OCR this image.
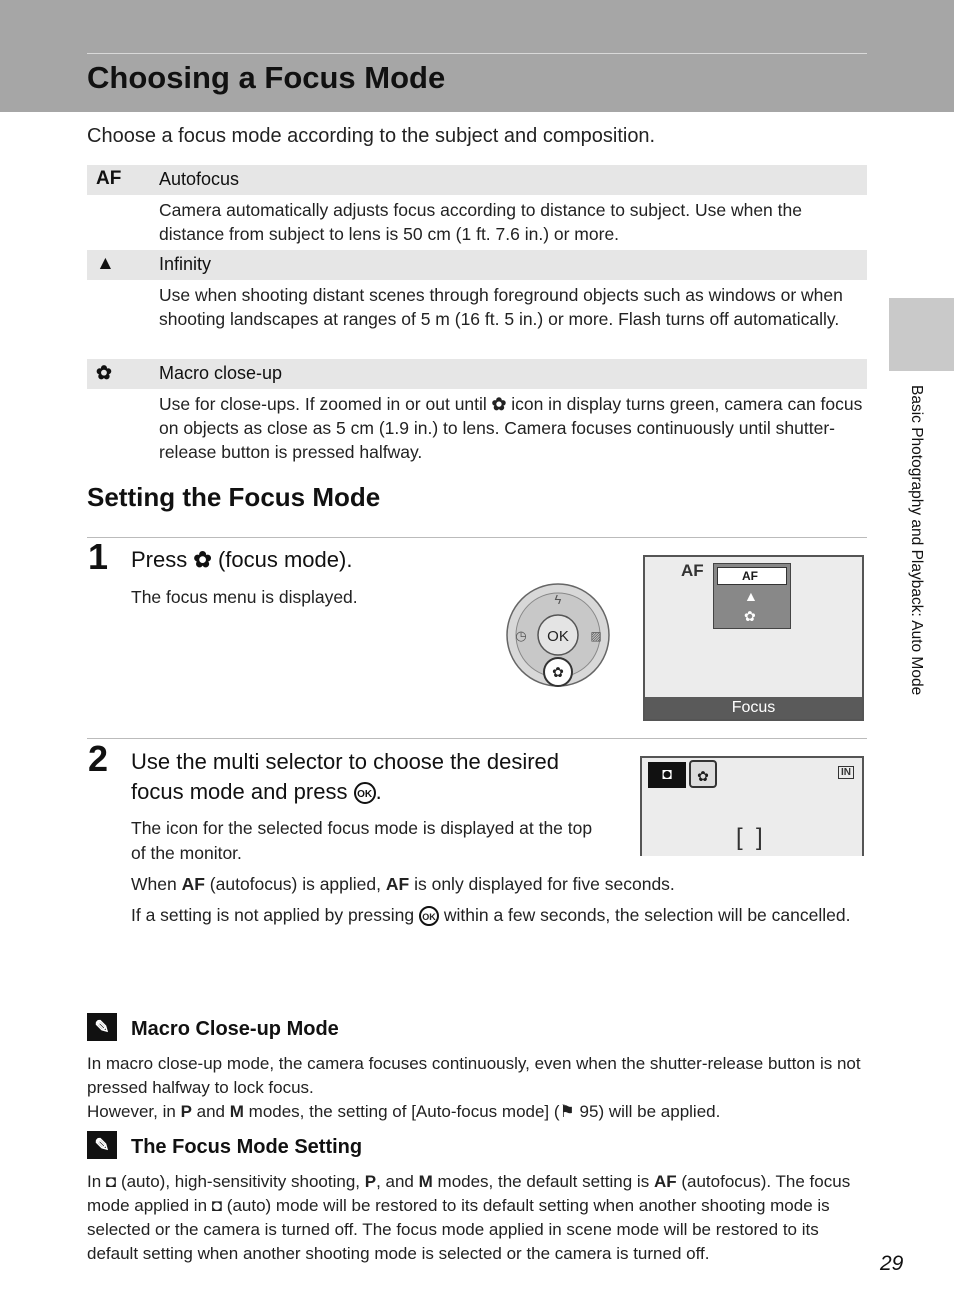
Choosing a Focus Mode
Choose a focus mode according to the subject and composition.
AF Autofocus
Camera automatically adjusts focus according to distance to subject. Use when the distance from subject to lens is 50 cm (1 ft. 7.6 in.) or more.
▲ Infinity
Use when shooting distant scenes through foreground objects such as windows or when shooting landscapes at ranges of 5 m (16 ft. 5 in.) or more. Flash turns off automatically.
✿	Macro close-up
Use for close-ups. If zoomed in or out until ✿ icon in display turns green, camera can focus on objects as close as 5 cm (1.9 in.) to lens. Camera focuses continuously until shutter-release button is pressed halfway.
Setting the Focus Mode
1 Press ✿ (focus mode).
The focus menu is displayed.
OK
ϟ
◷	▨
✿
AF	AF
▲
✿
Focus
2 Use the multi selector to choose the desired
focus mode and press OK .
The icon for the selected focus mode is displayed at the top of the monitor.
When AF (autofocus) is applied, AF is only displayed for five seconds.
If a setting is not applied by pressing OK within a few seconds, the selection will be cancelled.
◘	✿	IN
[  ]
Basic Photography and Playback: Auto Mode
✎	Macro Close-up Mode
In macro close-up mode, the camera focuses continuously, even when the shutter-release button is not pressed halfway to lock focus.
However, in P and M modes, the setting of [Auto-focus mode] (⚑ 95) will be applied.
✎	The Focus Mode Setting
In ◘ (auto), high-sensitivity shooting, P, and M modes, the default setting is AF (autofocus). The focus mode applied in ◘ (auto) mode will be restored to its default setting when another shooting mode is selected or the camera is turned off. The focus mode applied in scene mode will be restored to its default setting when another shooting mode is selected or the camera is turned off.	29
